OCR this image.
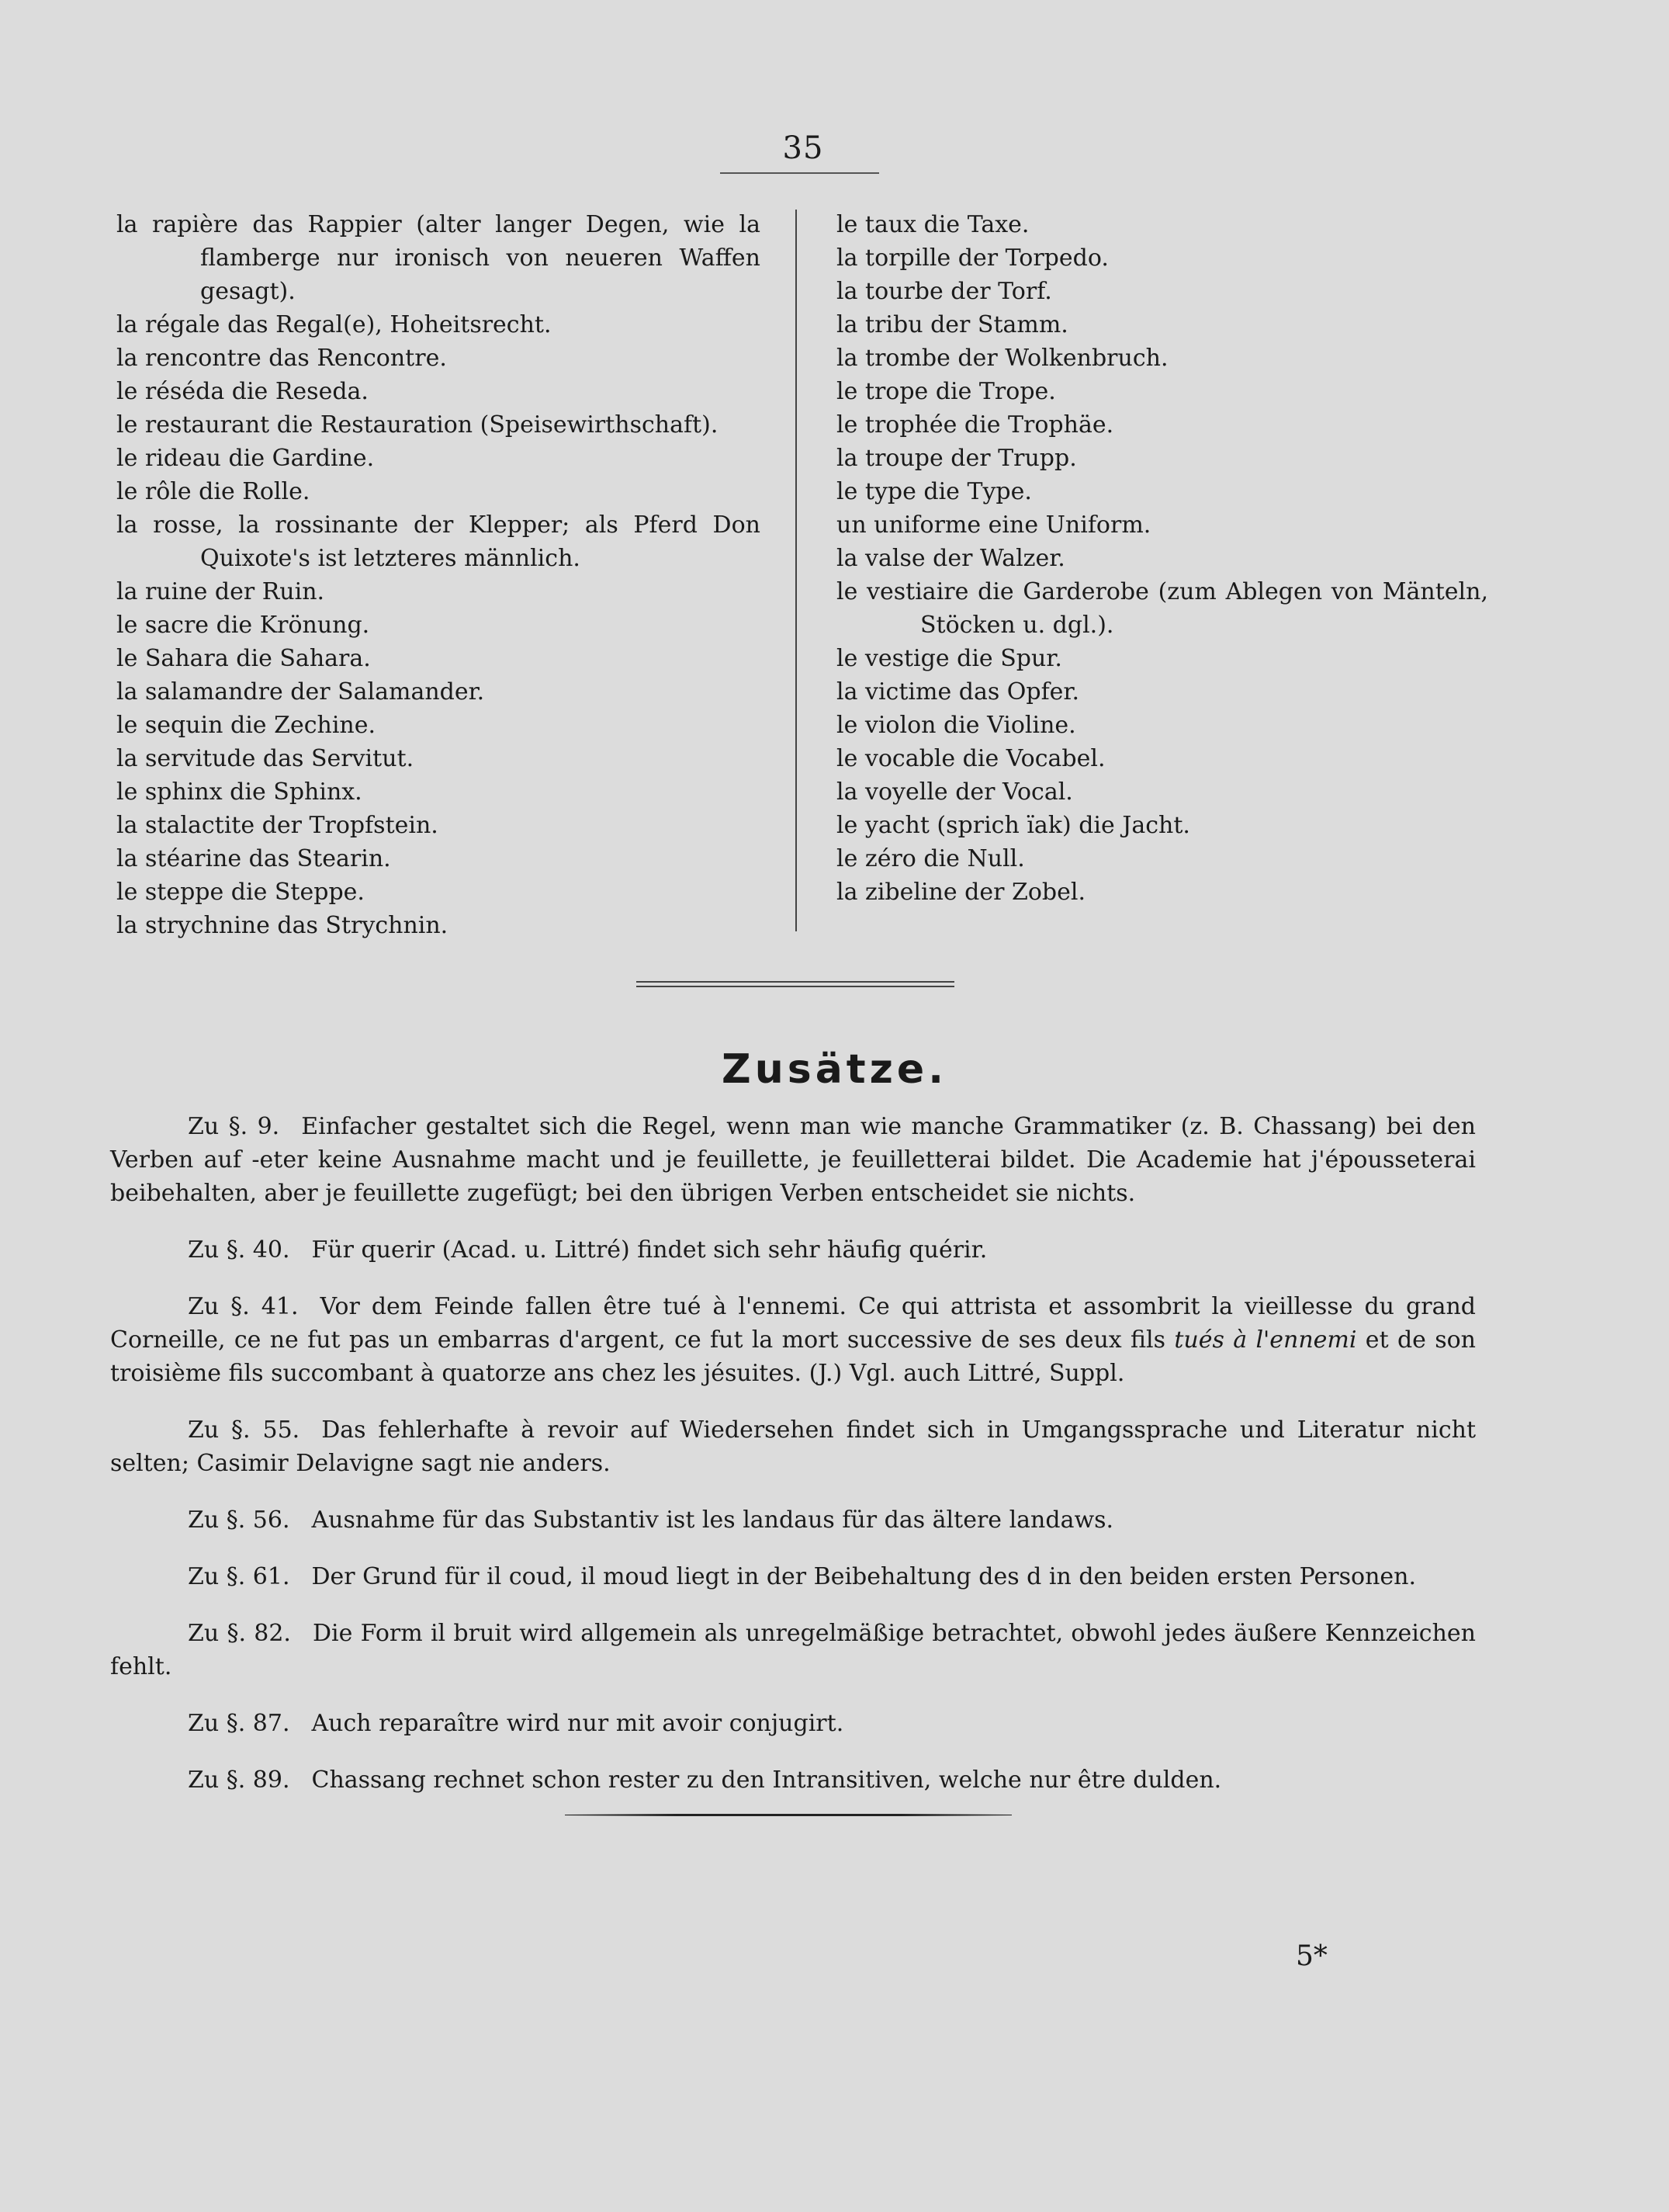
35
la rapière das Rappier (alter langer Degen, wie la flamberge nur ironisch von neueren Waffen gesagt).
la régale das Regal(e), Hoheitsrecht.
la rencontre das Rencontre.
le réséda die Reseda.
le restaurant die Restauration (Speisewirthschaft).
le rideau die Gardine.
le rôle die Rolle.
la rosse, la rossinante der Klepper; als Pferd Don Quixote's ist letzteres männlich.
la ruine der Ruin.
le sacre die Krönung.
le Sahara die Sahara.
la salamandre der Salamander.
le sequin die Zechine.
la servitude das Servitut.
le sphinx die Sphinx.
la stalactite der Tropfstein.
la stéarine das Stearin.
le steppe die Steppe.
la strychnine das Strychnin.
le taux die Taxe.
la torpille der Torpedo.
la tourbe der Torf.
la tribu der Stamm.
la trombe der Wolkenbruch.
le trope die Trope.
le trophée die Trophäe.
la troupe der Trupp.
le type die Type.
un uniforme eine Uniform.
la valse der Walzer.
le vestiaire die Garderobe (zum Ablegen von Mänteln, Stöcken u. dgl.).
le vestige die Spur.
la victime das Opfer.
le violon die Violine.
le vocable die Vocabel.
la voyelle der Vocal.
le yacht (sprich ïak) die Jacht.
le zéro die Null.
la zibeline der Zobel.
Zusätze.

Zu §. 9. Einfacher gestaltet sich die Regel, wenn man wie manche Grammatiker (z. B. Chassang) bei den Verben auf -eter keine Ausnahme macht und je feuillette, je feuilletterai bildet. Die Academie hat j'épousseterai beibehalten, aber je feuillette zugefügt; bei den übrigen Verben entscheidet sie nichts.

Zu §. 40. Für querir (Acad. u. Littré) findet sich sehr häufig quérir.

Zu §. 41. Vor dem Feinde fallen être tué à l'ennemi. Ce qui attrista et assombrit la vieillesse du grand Corneille, ce ne fut pas un embarras d'argent, ce fut la mort successive de ses deux fils tués à l'ennemi et de son troisième fils succombant à quatorze ans chez les jésuites. (J.) Vgl. auch Littré, Suppl.

Zu §. 55. Das fehlerhafte à revoir auf Wiedersehen findet sich in Umgangssprache und Literatur nicht selten; Casimir Delavigne sagt nie anders.

Zu §. 56. Ausnahme für das Substantiv ist les landaus für das ältere landaws.

Zu §. 61. Der Grund für il coud, il moud liegt in der Beibehaltung des d in den beiden ersten Personen.

Zu §. 82. Die Form il bruit wird allgemein als unregelmäßige betrachtet, obwohl jedes äußere Kennzeichen fehlt.

Zu §. 87. Auch reparaître wird nur mit avoir conjugirt.

Zu §. 89. Chassang rechnet schon rester zu den Intransitiven, welche nur être dulden.

5*
